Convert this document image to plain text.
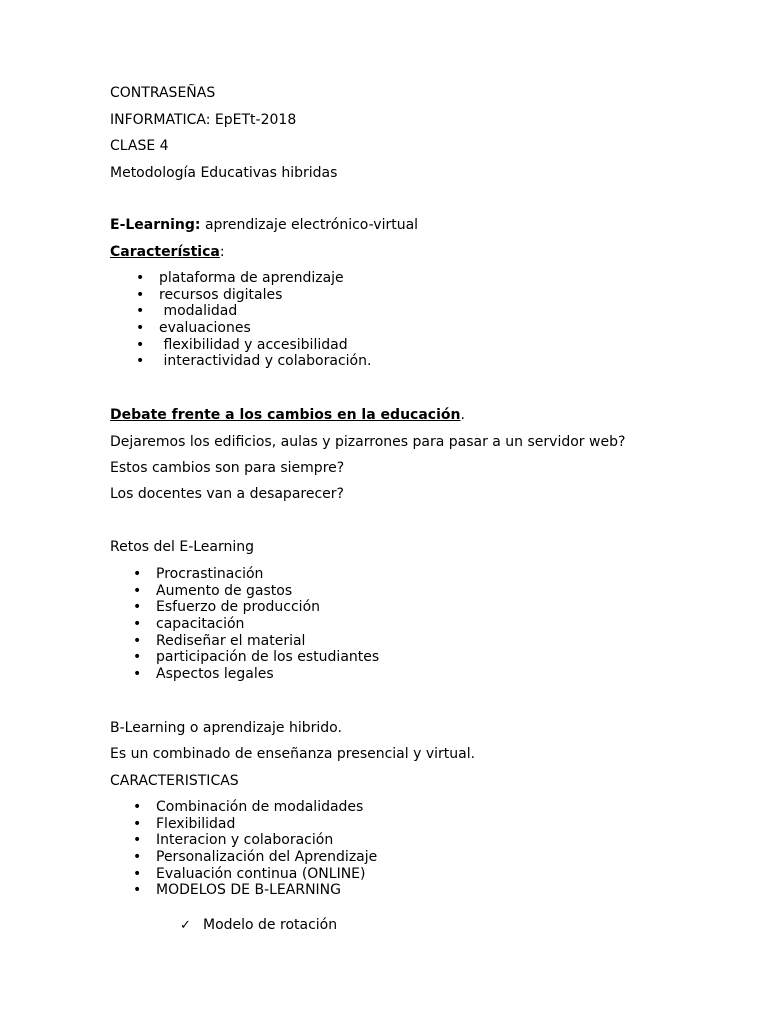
CONTRASEÑAS
INFORMATICA: EpETt-2018
CLASE 4
Metodología Educativas hibridas
E-Learning: aprendizaje electrónico-virtual
Característica:
• plataforma de aprendizaje
• recursos digitales
• modalidad
• evaluaciones
• flexibilidad y accesibilidad
• interactividad y colaboración.
Debate frente a los cambios en la educación.
Dejaremos los edificios, aulas y pizarrones para pasar a un servidor web?
Estos cambios son para siempre?
Los docentes van a desaparecer?
Retos del E-Learning
• Procrastinación
• Aumento de gastos
• Esfuerzo de producción
• capacitación
• Rediseñar el material
• participación de los estudiantes
• Aspectos legales
B-Learning o aprendizaje hibrido.
Es un combinado de enseñanza presencial y virtual.
CARACTERISTICAS
• Combinación de modalidades
• Flexibilidad
• Interacion y colaboración
• Personalización del Aprendizaje
• Evaluación continua (ONLINE)
• MODELOS DE B-LEARNING
✓ Modelo de rotación
